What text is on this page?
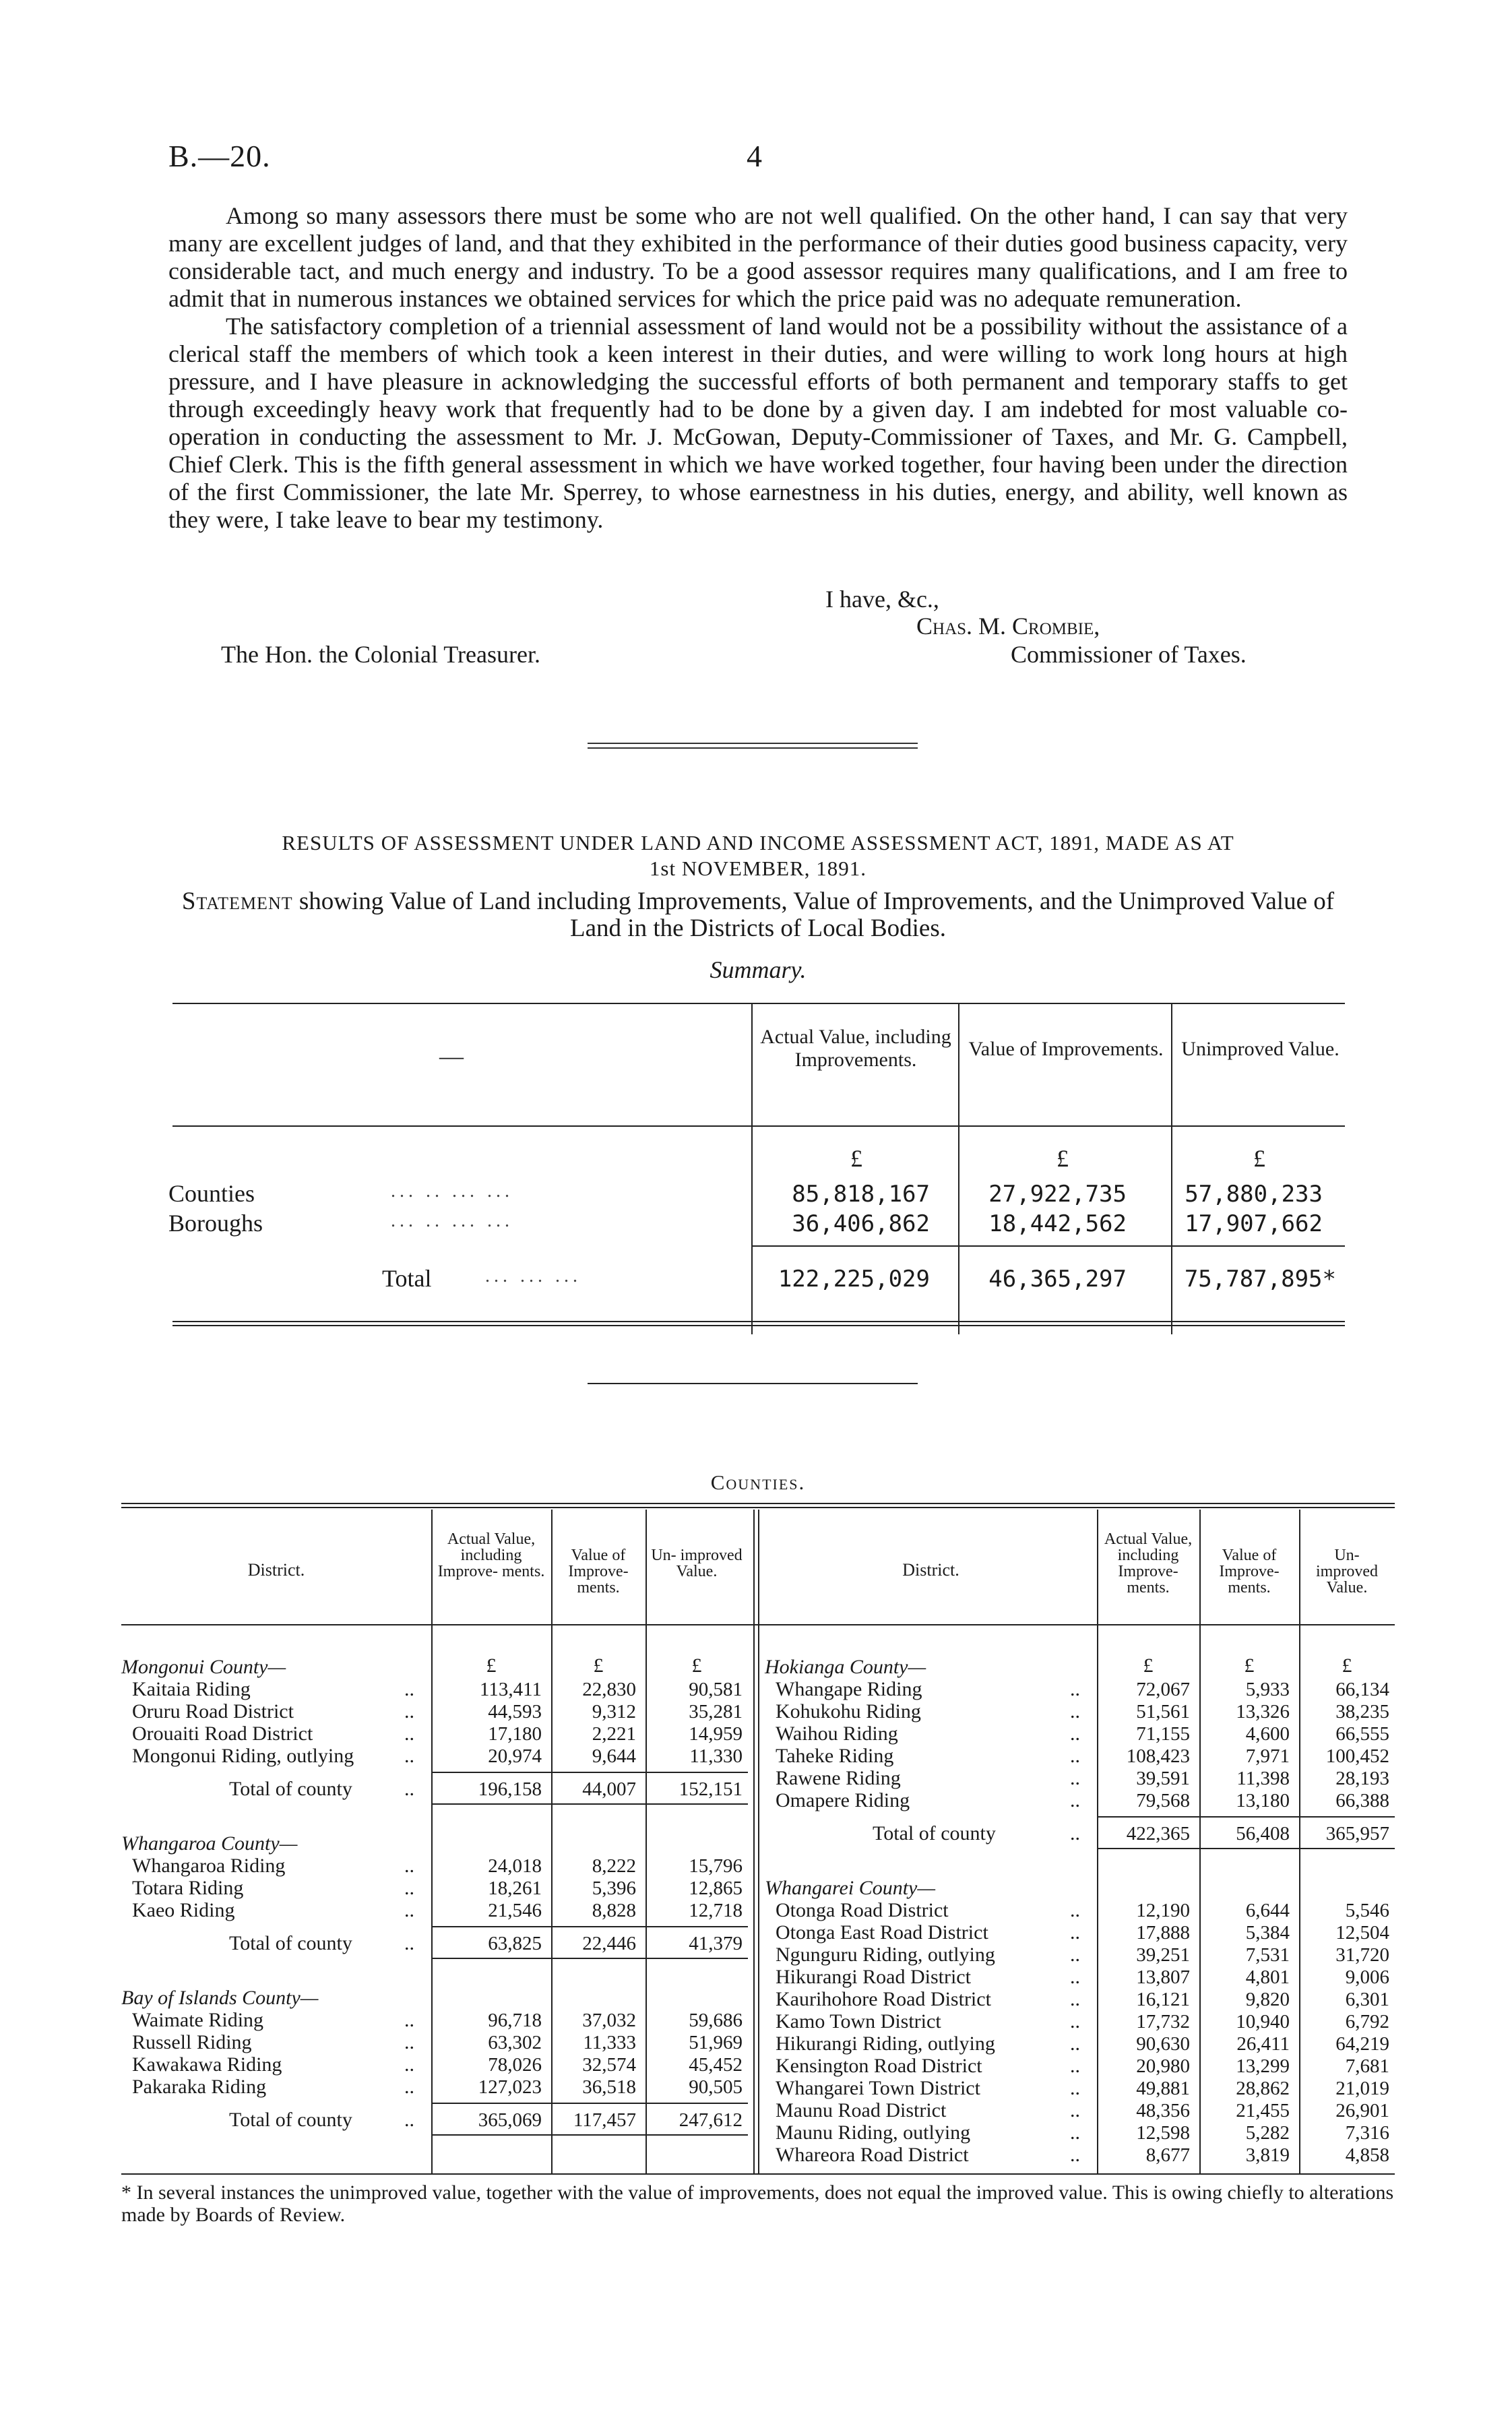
B.—20.	4

Among so many assessors there must be some who are not well qualified. On the other hand, I can say that very many are excellent judges of land, and that they exhibited in the performance of their duties good business capacity, very considerable tact, and much energy and industry. To be a good assessor requires many qualifications, and I am free to admit that in numerous instances we obtained services for which the price paid was no adequate remuneration.

The satisfactory completion of a triennial assessment of land would not be a possibility without the assistance of a clerical staff the members of which took a keen interest in their duties, and were willing to work long hours at high pressure, and I have pleasure in acknowledging the successful efforts of both permanent and temporary staffs to get through exceedingly heavy work that frequently had to be done by a given day. I am indebted for most valuable co-operation in conducting the assessment to Mr. J. McGowan, Deputy-Commissioner of Taxes, and Mr. G. Campbell, Chief Clerk. This is the fifth general assessment in which we have worked together, four having been under the direction of the first Commissioner, the late Mr. Sperrey, to whose earnestness in his duties, energy, and ability, well known as they were, I take leave to bear my testimony.

I have, &c.,
Chas. M. Crombie,
The Hon. the Colonial Treasurer.	Commissioner of Taxes.
RESULTS OF ASSESSMENT UNDER LAND AND INCOME ASSESSMENT ACT, 1891, MADE AS AT
1st NOVEMBER, 1891.
Statement showing Value of Land including Improvements, Value of Improvements, and the Unimproved Value of Land in the Districts of Local Bodies.
Summary.
—
Actual Value, including Improvements.	Value of Improvements. Unimproved Value.
£	£	£
Counties	... .. ... ...	85,818,167	27,922,735	57,880,233
Boroughs	... .. ... ...	36,406,862	18,442,562	17,907,662
Total	... ... ...	122,225,029	46,365,297	75,787,895*
Counties.
District.
Actual Value, including Improve- ments.
Value of Improve- ments.
Un- improved Value.
£	£	£
District.
Actual Value, including Improve- ments.
Value of Improve- ments.
Un- improved Value.
£	£	£
Mongonui County—
Kaitaia Riding	..	113,411	22,830	90,581
Oruru Road District	..	44,593	9,312	35,281
Orouaiti Road District	..	17,180	2,221	14,959
Mongonui Riding, outlying ..	20,974	9,644	11,330
Total of county	..	196,158	44,007	152,151
Whangaroa County—
Whangaroa Riding	..	24,018	8,222	15,796
Totara Riding	..	18,261	5,396	12,865
Kaeo Riding	..	21,546	8,828	12,718
Total of county	..	63,825	22,446	41,379
Bay of Islands County—
Waimate Riding	..	96,718	37,032	59,686
Russell Riding	..	63,302	11,333	51,969
Kawakawa Riding	..	78,026	32,574	45,452
Pakaraka Riding	..	127,023	36,518	90,505
Total of county	..	365,069	117,457	247,612
Hokianga County—
Whangape Riding	..	72,067	5,933	66,134
Kohukohu Riding	..	51,561	13,326	38,235
Waihou Riding	..	71,155	4,600	66,555
Taheke Riding	..	108,423	7,971	100,452
Rawene Riding	..	39,591	11,398	28,193
Omapere Riding	..	79,568	13,180	66,388
Total of county	..	422,365	56,408	365,957
Whangarei County—
Otonga Road District	..	12,190	6,644	5,546
Otonga East Road District	..	17,888	5,384	12,504
Ngunguru Riding, outlying	..	39,251	7,531	31,720
Hikurangi Road District	..	13,807	4,801	9,006
Kaurihohore Road District	..	16,121	9,820	6,301
Kamo Town District	..	17,732	10,940	6,792
Hikurangi Riding, outlying	..	90,630	26,411	64,219
Kensington Road District	..	20,980	13,299	7,681
Whangarei Town District	..	49,881	28,862	21,019
Maunu Road District	..	48,356	21,455	26,901
Maunu Riding, outlying	..	12,598	5,282	7,316
Whareora Road District	..	8,677	3,819	4,858
* In several instances the unimproved value, together with the value of improvements, does not equal the improved value. This is owing chiefly to alterations made by Boards of Review.
